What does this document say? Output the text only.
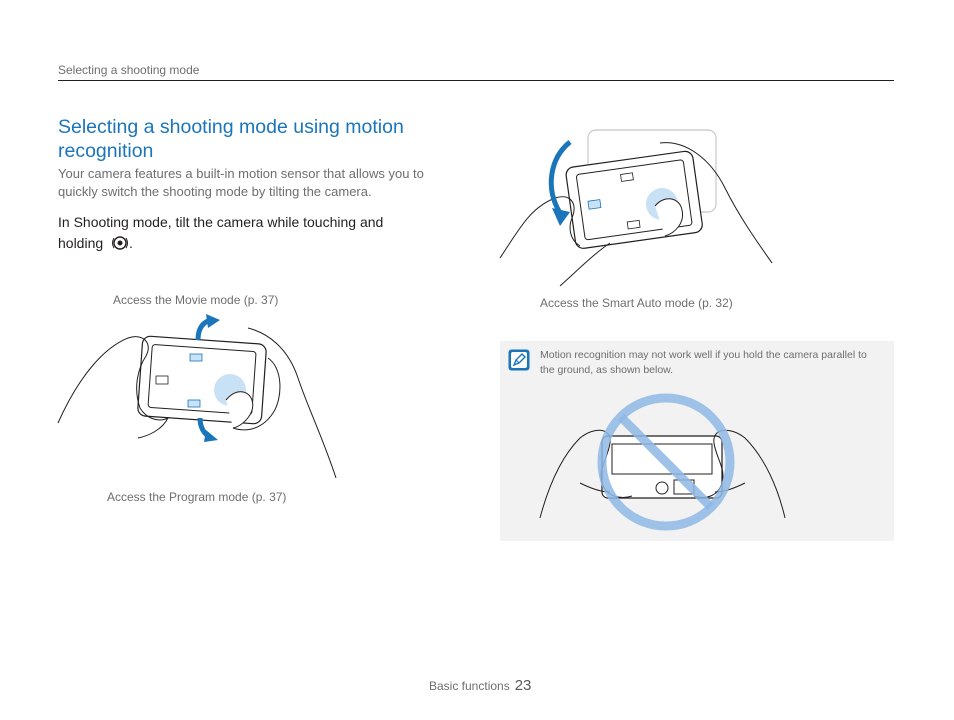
Selecting a shooting mode
Selecting a shooting mode using motion recognition
Your camera features a built-in motion sensor that allows you to quickly switch the shooting mode by tilting the camera.
In Shooting mode, tilt the camera while touching and holding .
Access the Movie mode (p. 37)
Access the Program mode (p. 37)
Access the Smart Auto mode (p. 32)
Motion recognition may not work well if you hold the camera parallel to the ground, as shown below.
Basic functions 23
